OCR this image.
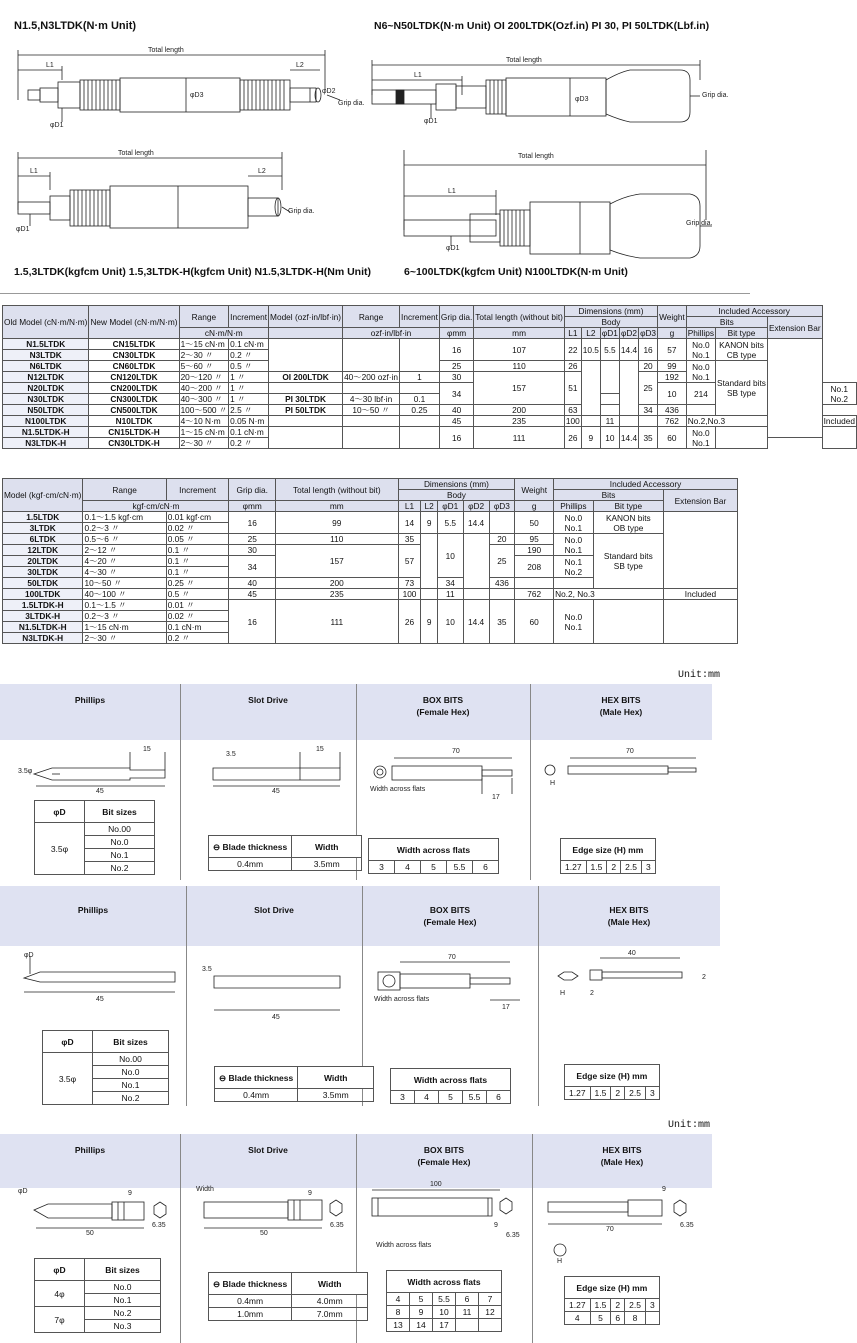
N1.5,N3LTDK(N·m Unit)	N6~N50LTDK(N·m Unit) OI 200LTDK(Ozf.in) PI 30, PI 50LTDK(Lbf.in)
1.5,3LTDK(kgfcm Unit) 1.5,3LTDK-H(kgfcm Unit) N1.5,3LTDK-H(Nm Unit)	6~100LTDK(kgfcm Unit) N100LTDK(N·m Unit)
Total length
L1	L2
φD3
φD2
Grip dia.
φD1
Total length
L1
φD3
Grip dia.
φD1
Total length
L1	L2
Grip dia.
φD1
Total length
L1
Grip dia.
φD1
Old Model (cN·m/N·m)	New Model (cN·m/N·m)	Range	Increment	Model (ozf·in/lbf·in)	Range	Increment	Grip dia.	Total length (without bit)	Dimensions (mm)					Weight	Included Accessory			
									Body						Bits		Extension Bar	
		cN·m/N·m			ozf·in/lbf·in		φmm	mm	L1	L2	φD1	φD2	φD3	g	Phillips	Bit type		
N1.5LTDK	CN15LTDK	1～15 cN·m	0.1 cN·m				16	107	22	10.5	5.5	14.4	16	57	No.0
No.1	KANON bits
CB type		
N3LTDK	CN30LTDK	2～30 〃	0.2 〃															
N6LTDK	CN60LTDK	5～60 〃	0.5 〃				25	110	26				20	99	No.0
No.1	Standard bits
SB type		
N12LTDK	CN120LTDK	20～120 〃	1 〃	OI 200LTDK	40～200 ozf·in	1	30	157	51				25	192				
N20LTDK	CN200LTDK	40～200 〃	1 〃				34							10	214			No.1
No.2
N30LTDK	CN300LTDK	40～300 〃	1 〃	PI 30LTDK	4～30 lbf·in	0.1												
N50LTDK	CN500LTDK	100～500 〃	2.5 〃	PI 50LTDK	10～50 〃	0.25	40	200	63				34	436				
N100LTDK	N10LTDK	4～10 N·m	0.05 N·m				45	235	100		11			762	No.2,No.3			Included
N1.5LTDK-H	CN15LTDK-H	1～15 cN·m	0.1 cN·m				16	111	26	9	10	14.4	35	60	No.0
No.1			
N3LTDK-H	CN30LTDK-H	2～30 〃	0.2 〃															
Model (kgf·cm/cN·m)	Range	Increment	Grip dia.	Total length (without bit)	Dimensions (mm)					Weight	Included Accessory		
					Body						Bits		Extension Bar
	kgf·cm/cN·m		φmm	mm	L1	L2	φD1	φD2	φD3	g	Phillips	Bit type	
1.5LTDK	0.1～1.5 kgf·cm	0.01 kgf·cm	16	99	14	9	5.5	14.4		50	No.0
No.1	KANON bits
OB type	
3LTDK	0.2～3 〃	0.02 〃											
6LTDK	0.5～6 〃	0.05 〃	25	110	35		10		20	95	No.0
No.1	Standard bits
SB type	
12LTDK	2～12 〃	0.1 〃	30	157	57				25	190			
20LTDK	4～20 〃	0.1 〃	34							208	No.1
No.2		
30LTDK	4～30 〃	0.1 〃											
50LTDK	10～50 〃	0.25 〃	40	200	73		34		436				
100LTDK	40～100 〃	0.5 〃	45	235	100		11			762	No.2, No.3		Included
1.5LTDK-H	0.1～1.5 〃	0.01 〃	16	111	26	9	10	14.4	35	60	No.0
No.1		
3LTDK-H	0.2～3 〃	0.02 〃											
N1.5LTDK-H	1～15 cN·m	0.1 cN·m											
N3LTDK-H	2～30 〃	0.2 〃											
Unit:mm
Phillips	Slot Drive	BOX BITS
(Female Hex)
HEX BITS
(Male Hex)
3.5φ
15
45
3.5
15
45
70
17
Width across flats
70
H
φD	Bit sizes
3.5φ	No.00
	No.0
	No.1
	No.2
⊖ Blade thickness	Width
0.4mm	3.5mm
Width across flats
3	4	5	5.5	6
Edge size (H) mm
1.27	1.5	2	2.5	3
Phillips	Slot Drive	BOX BITS
(Female Hex)
HEX BITS
(Male Hex)
φD
45
3.5
45
70
17
Width across flats
40
2
H	2
φD	Bit sizes
3.5φ	No.00
	No.0
	No.1
	No.2
⊖ Blade thickness	Width
0.4mm	3.5mm
Width across flats
3	4	5	5.5	6
Edge size (H) mm
1.27	1.5	2	2.5	3
Unit:mm
Phillips	Slot Drive	BOX BITS
(Female Hex)
HEX BITS
(Male Hex)
φD	9
50
6.35
Width
9
50
6.35
100
9
6.35
Width across flats
9
70
6.35
H
φD	Bit sizes
4φ	No.0
	No.1
7φ	No.2
	No.3
⊖ Blade thickness	Width
0.4mm	4.0mm
1.0mm	7.0mm
Width across flats				
4	5	5.5	6	7
8	9	10	11	12
13	14	17		
Edge size (H) mm				
1.27	1.5	2	2.5	3
4	5	6	8	
